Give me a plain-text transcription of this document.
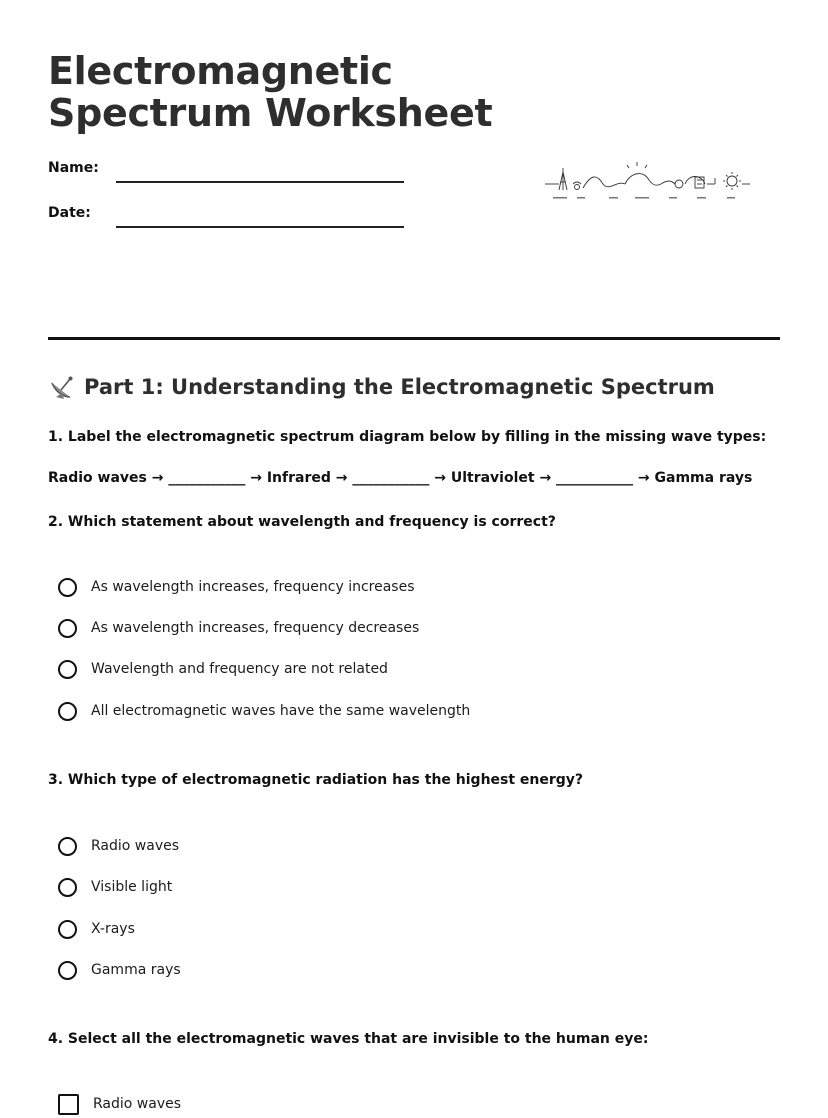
Electromagnetic
Spectrum Worksheet
Name:
Date:
Part 1: Understanding the Electromagnetic Spectrum
1. Label the electromagnetic spectrum diagram below by filling in the missing wave types:
Radio waves → ___________ → Infrared → ___________ → Ultraviolet → ___________ → Gamma rays
2. Which statement about wavelength and frequency is correct?
As wavelength increases, frequency increases
As wavelength increases, frequency decreases
Wavelength and frequency are not related
All electromagnetic waves have the same wavelength
3. Which type of electromagnetic radiation has the highest energy?
Radio waves
Visible light
X-rays
Gamma rays
4. Select all the electromagnetic waves that are invisible to the human eye:
Radio waves
